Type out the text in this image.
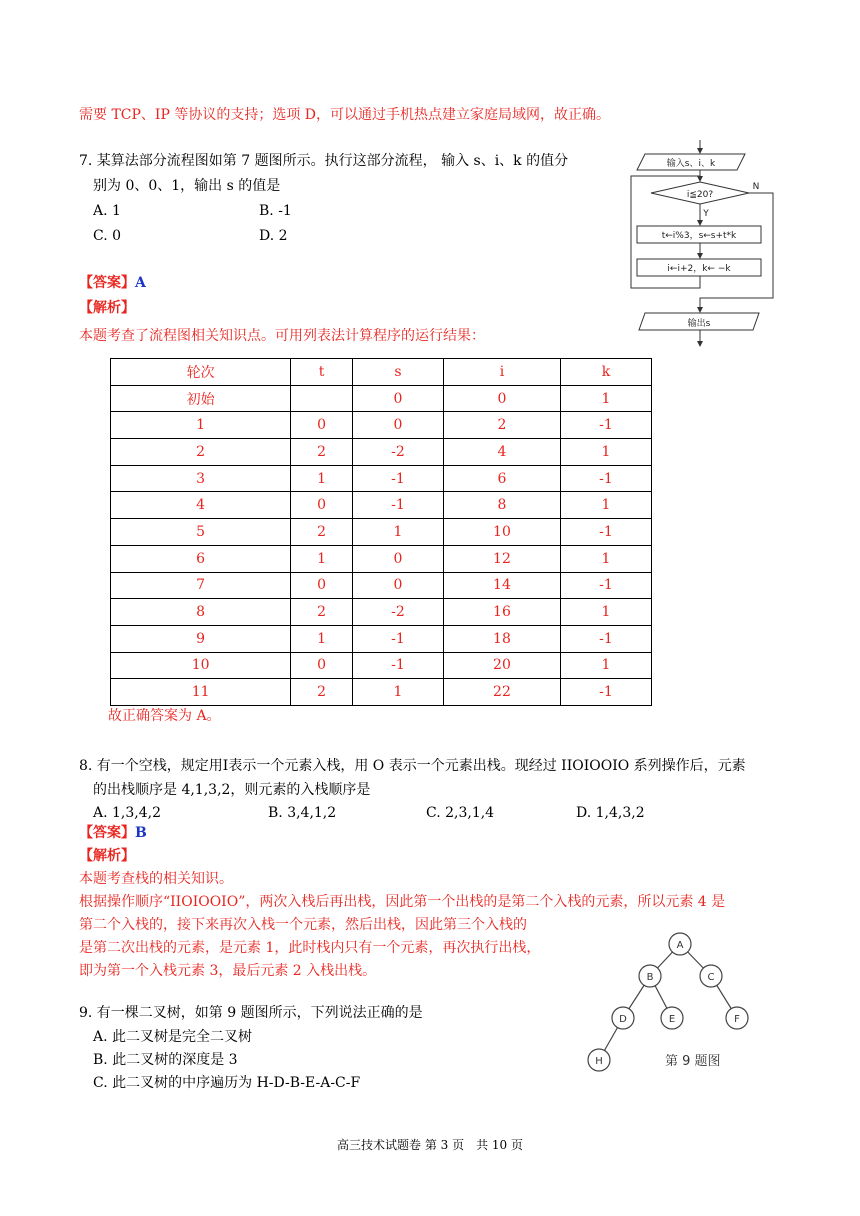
需要 TCP、IP 等协议的支持；选项 D，可以通过手机热点建立家庭局域网，故正确。
7. 某算法部分流程图如第 7 题图所示。执行这部分流程， 输入 s、i、k 的值分
别为 0、0、1，输出 s 的值是
A. 1	B. -1
C. 0	D. 2
【答案】A
【解析】
本题考查了流程图相关知识点。可用列表法计算程序的运行结果：
轮次	t	s	i	k
初始		0	0	1
1	0	0	2	-1
2	2	-2	4	1
3	1	-1	6	-1
4	0	-1	8	1
5	2	1	10	-1
6	1	0	12	1
7	0	0	14	-1
8	2	-2	16	1
9	1	-1	18	-1
10	0	-1	20	1
11	2	1	22	-1
故正确答案为 A。
输入s、i、k
i≦20?
Y
N
t←i%3，s←s+t*k
i←i+2，k← −k
输出s
8. 有一个空栈，规定用I表示一个元素入栈，用 O 表示一个元素出栈。现经过 IIOIOOIO 系列操作后，元素
的出栈顺序是 4,1,3,2，则元素的入栈顺序是
A. 1,3,4,2	B. 3,4,1,2	C. 2,3,1,4	D. 1,4,3,2
【答案】B
【解析】
本题考查栈的相关知识。
根据操作顺序“IIOIOOIO”，两次入栈后再出栈，因此第一个出栈的是第二个入栈的元素，所以元素 4 是
第二个入栈的，接下来再次入栈一个元素，然后出栈，因此第三个入栈的
是第二次出栈的元素，是元素 1，此时栈内只有一个元素，再次执行出栈，
即为第一个入栈元素 3，最后元素 2 入栈出栈。
9. 有一棵二叉树，如第 9 题图所示，下列说法正确的是
A. 此二叉树是完全二叉树
B. 此二叉树的深度是 3
C. 此二叉树的中序遍历为 H-D-B-E-A-C-F
A
B	C
D	E	F
H	第 9 题图
高三技术试题卷 第 3 页　共 10 页
